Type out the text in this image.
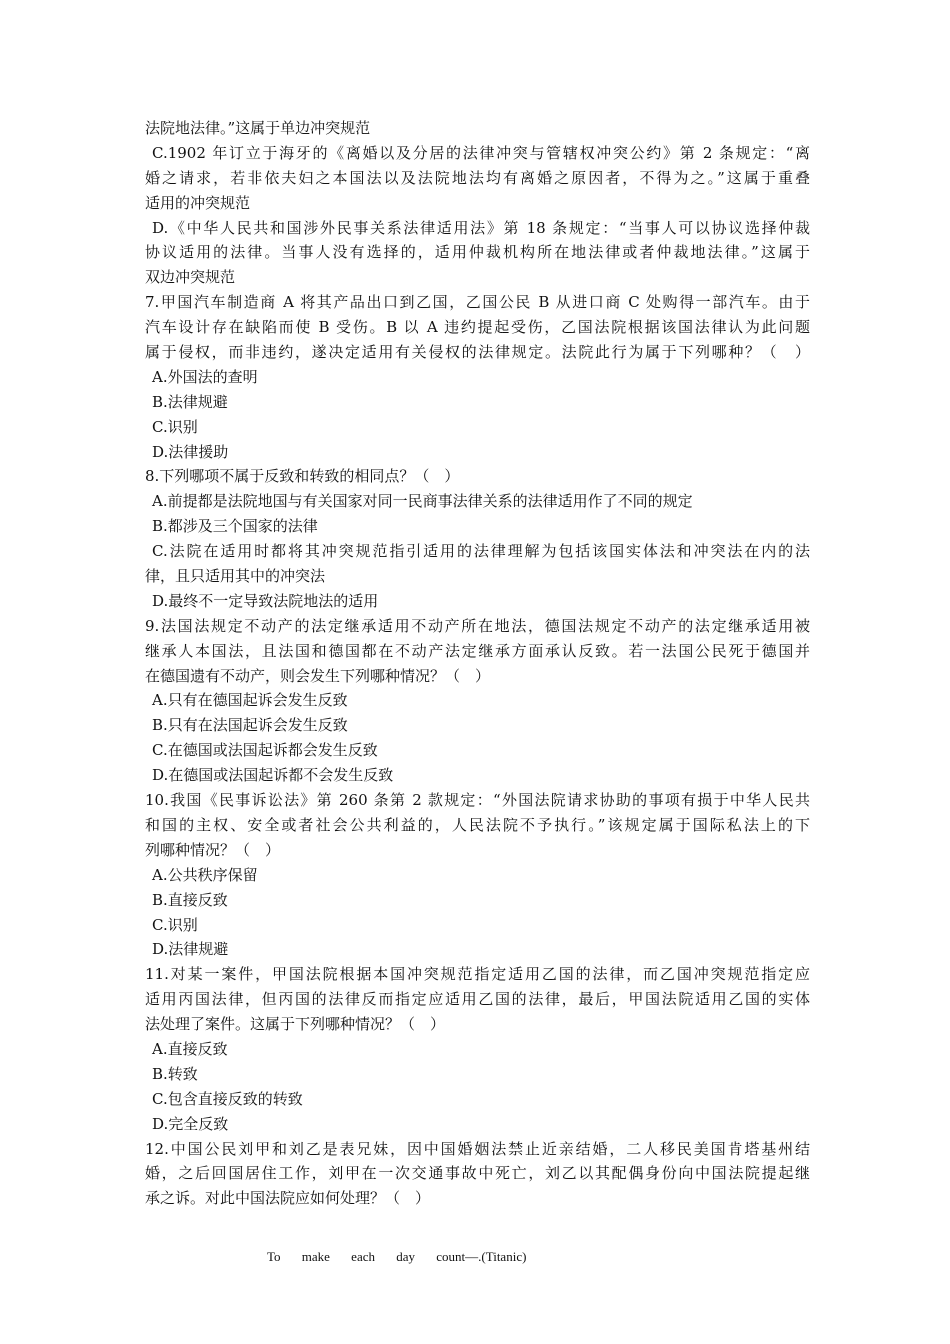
法院地法律。”这属于单边冲突规范
C.1902 年订立于海牙的《离婚以及分居的法律冲突与管辖权冲突公约》第 2 条规定：“离
婚之请求，若非依夫妇之本国法以及法院地法均有离婚之原因者，不得为之。”这属于重叠
适用的冲突规范
D.《中华人民共和国涉外民事关系法律适用法》第 18 条规定：“当事人可以协议选择仲裁
协议适用的法律。当事人没有选择的，适用仲裁机构所在地法律或者仲裁地法律。”这属于
双边冲突规范
7.甲国汽车制造商 A 将其产品出口到乙国，乙国公民 B 从进口商 C 处购得一部汽车。由于
汽车设计存在缺陷而使 B 受伤。B 以 A 违约提起受伤，乙国法院根据该国法律认为此问题
属于侵权，而非违约，遂决定适用有关侵权的法律规定。法院此行为属于下列哪种？（　）
A.外国法的查明
B.法律规避
C.识别
D.法律援助
8.下列哪项不属于反致和转致的相同点？（　）
A.前提都是法院地国与有关国家对同一民商事法律关系的法律适用作了不同的规定
B.都涉及三个国家的法律
C.法院在适用时都将其冲突规范指引适用的法律理解为包括该国实体法和冲突法在内的法
律，且只适用其中的冲突法
D.最终不一定导致法院地法的适用
9.法国法规定不动产的法定继承适用不动产所在地法，德国法规定不动产的法定继承适用被
继承人本国法，且法国和德国都在不动产法定继承方面承认反致。若一法国公民死于德国并
在德国遗有不动产，则会发生下列哪种情况？（　）
A.只有在德国起诉会发生反致
B.只有在法国起诉会发生反致
C.在德国或法国起诉都会发生反致
D.在德国或法国起诉都不会发生反致
10.我国《民事诉讼法》第 260 条第 2 款规定：“外国法院请求协助的事项有损于中华人民共
和国的主权、安全或者社会公共利益的，人民法院不予执行。”该规定属于国际私法上的下
列哪种情况？（　）
A.公共秩序保留
B.直接反致
C.识别
D.法律规避
11.对某一案件，甲国法院根据本国冲突规范指定适用乙国的法律，而乙国冲突规范指定应
适用丙国法律，但丙国的法律反而指定应适用乙国的法律，最后，甲国法院适用乙国的实体
法处理了案件。这属于下列哪种情况？（　）
A.直接反致
B.转致
C.包含直接反致的转致
D.完全反致
12.中国公民刘甲和刘乙是表兄妹，因中国婚姻法禁止近亲结婚，二人移民美国肯塔基州结
婚，之后回国居住工作，刘甲在一次交通事故中死亡，刘乙以其配偶身份向中国法院提起继
承之诉。对此中国法院应如何处理？（　）
To make each day count—.(Titanic)
